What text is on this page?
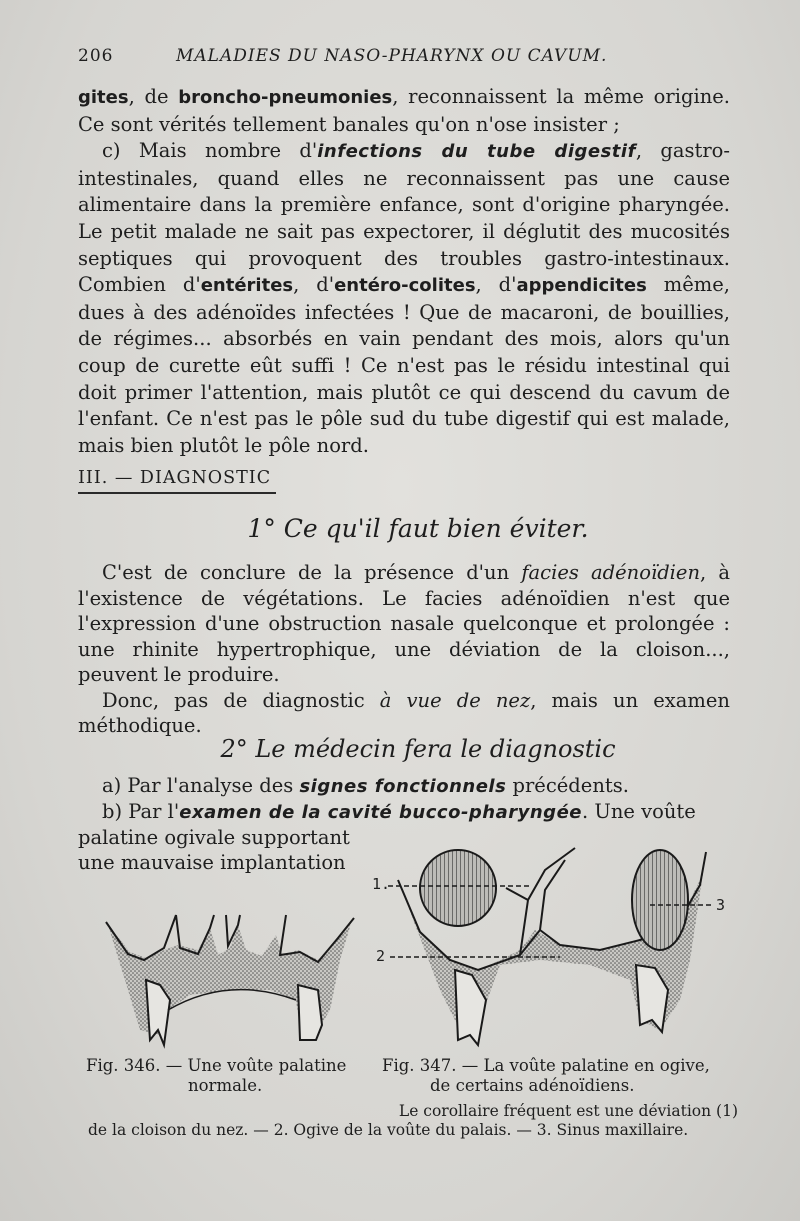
206	MALADIES DU NASO-PHARYNX OU CAVUM.

gites, de broncho-pneumonies, reconnaissent la même origine. Ce sont vérités tellement banales qu'on n'ose insister ;

c) Mais nombre d'infections du tube digestif, gastro-intestinales, quand elles ne reconnaissent pas une cause alimentaire dans la première enfance, sont d'origine pharyngée. Le petit malade ne sait pas expectorer, il déglutit des mucosités septiques qui provoquent des troubles gastro-intestinaux. Combien d'entérites, d'entéro-colites, d'appendicites même, dues à des adénoïdes infectées ! Que de macaroni, de bouillies, de régimes... absorbés en vain pendant des mois, alors qu'un coup de curette eût suffi ! Ce n'est pas le résidu intestinal qui doit primer l'attention, mais plutôt ce qui descend du cavum de l'enfant. Ce n'est pas le pôle sud du tube digestif qui est malade, mais bien plutôt le pôle nord.

III. — DIAGNOSTIC
1° Ce qu'il faut bien éviter.

C'est de conclure de la présence d'un facies adénoïdien, à l'existence de végétations. Le facies adénoïdien n'est que l'expression d'une obstruction nasale quelconque et prolongée : une rhinite hypertrophique, une déviation de la cloison..., peuvent le produire.

Donc, pas de diagnostic à vue de nez, mais un examen méthodique.

2° Le médecin fera le diagnostic

a) Par l'analyse des signes fonctionnels précédents.

b) Par l'examen de la cavité bucco-pharyngée. Une voûte

palatine ogivale supportant

une mauvaise implantation

1.
2
3
Fig. 346. — Une voûte palatine
normale.
Fig. 347. — La voûte palatine en ogive,
de certains adénoïdiens.
Le corollaire fréquent est une déviation (1)
de la cloison du nez. — 2. Ogive de la voûte du palais. — 3. Sinus maxillaire.
